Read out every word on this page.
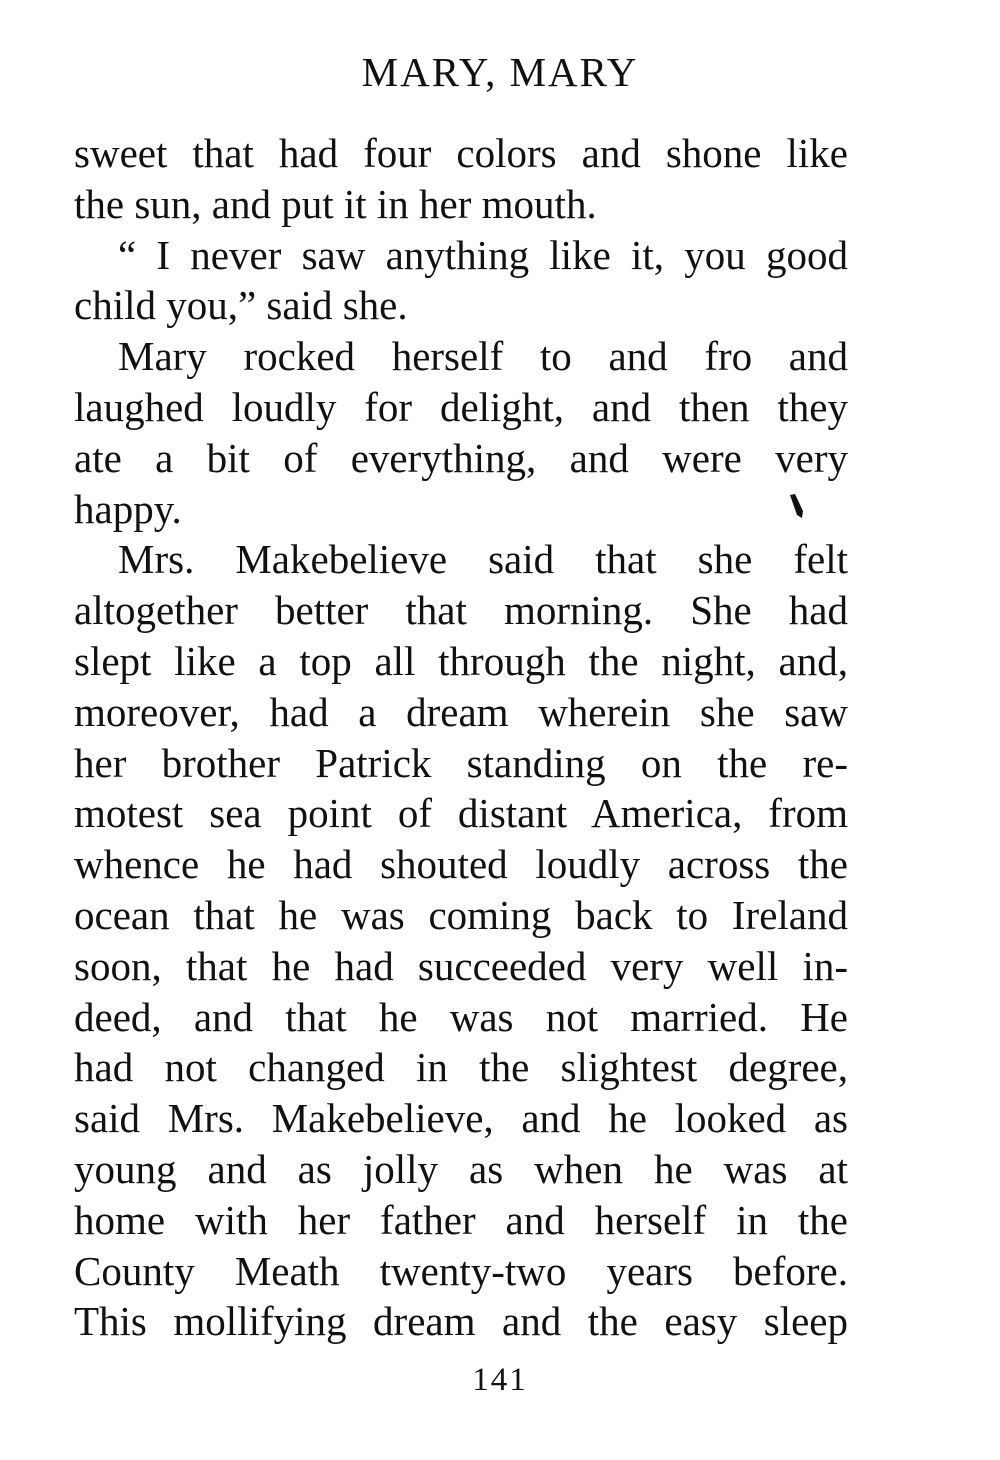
MARY, MARY
sweet that had four colors and shone like
the sun, and put it in her mouth.
“ I never saw anything like it, you good
child you,” said she.
Mary rocked herself to and fro and
laughed loudly for delight, and then they
ate a bit of everything, and were very
happy.
Mrs. Makebelieve said that she felt
altogether better that morning. She had
slept like a top all through the night, and,
moreover, had a dream wherein she saw
her brother Patrick standing on the re-
motest sea point of distant America, from
whence he had shouted loudly across the
ocean that he was coming back to Ireland
soon, that he had succeeded very well in-
deed, and that he was not married. He
had not changed in the slightest degree,
said Mrs. Makebelieve, and he looked as
young and as jolly as when he was at
home with her father and herself in the
County Meath twenty-two years before.
This mollifying dream and the easy sleep
141
